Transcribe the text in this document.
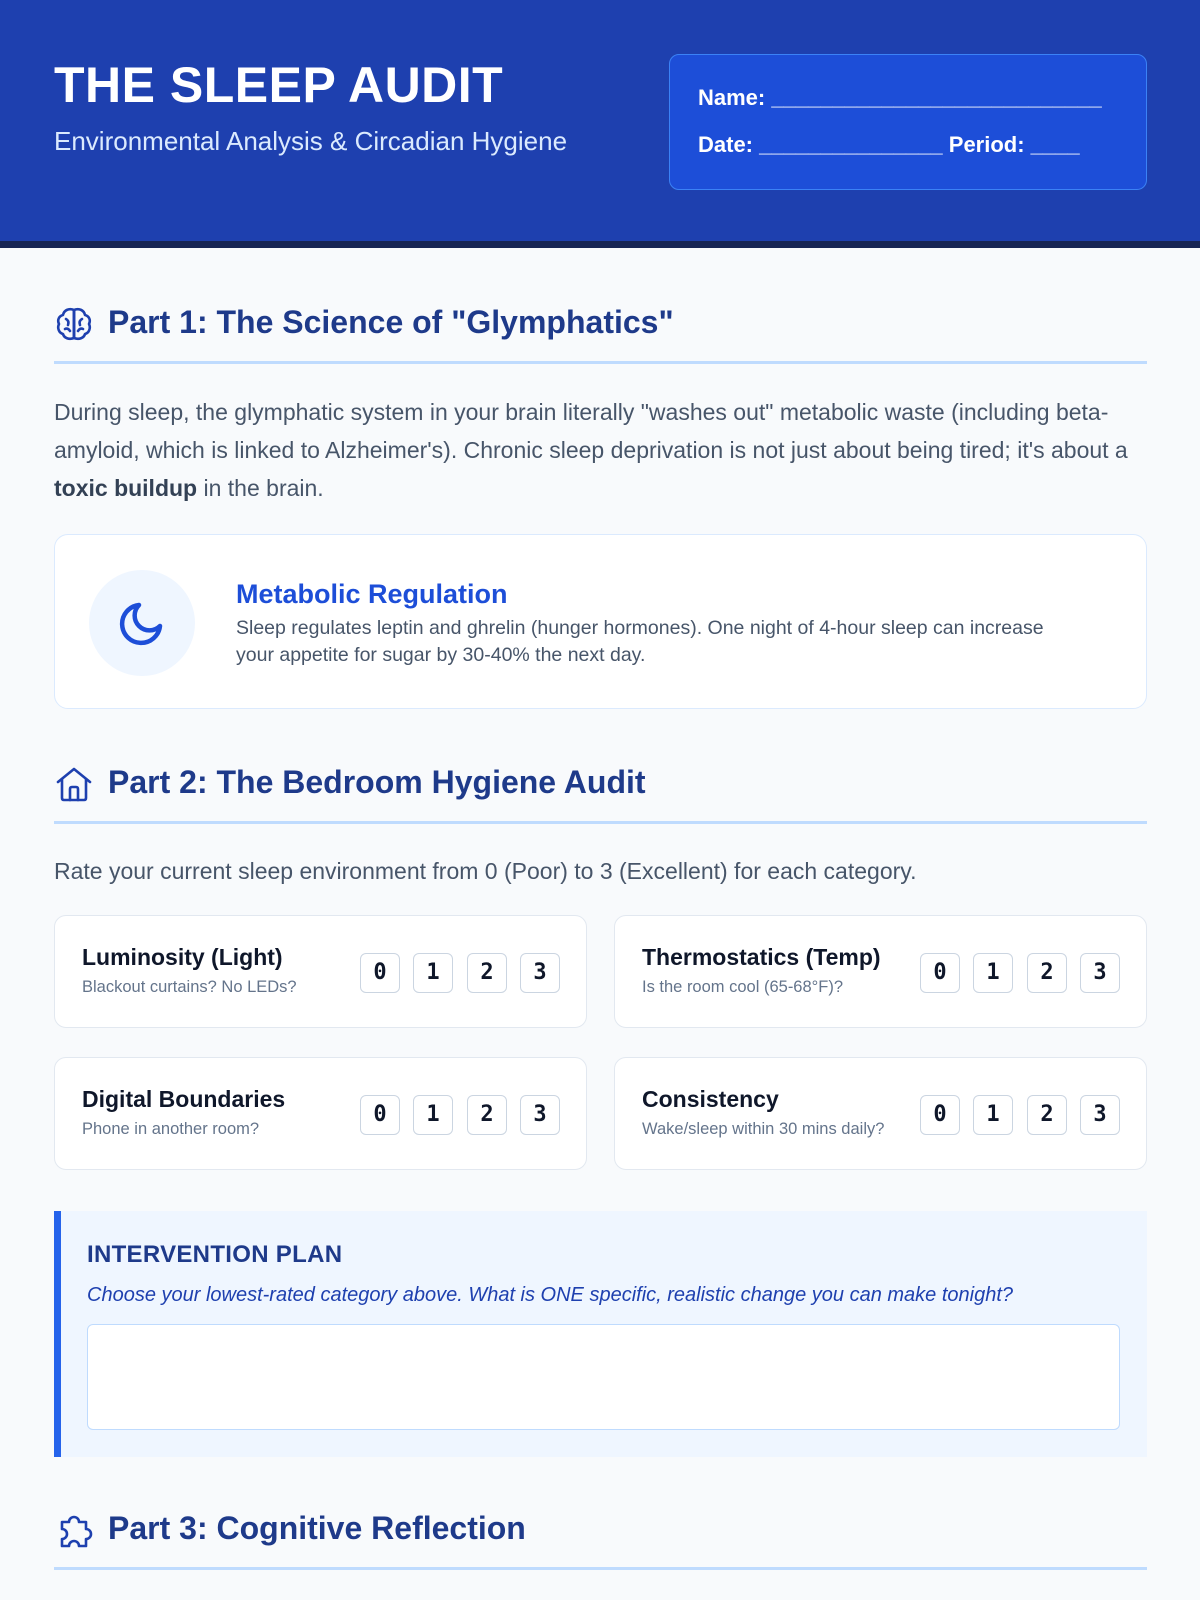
THE SLEEP AUDIT
Environmental Analysis & Circadian Hygiene
Name: ___________________________
Date: _______________ Period: ____
Part 1: The Science of "Glymphatics"

During sleep, the glymphatic system in your brain literally "washes out" metabolic waste (including beta-amyloid, which is linked to Alzheimer's). Chronic sleep deprivation is not just about being tired; it's about a toxic buildup in the brain.

Metabolic Regulation
Sleep regulates leptin and ghrelin (hunger hormones). One night of 4-hour sleep can increase your appetite for sugar by 30-40% the next day.
Part 2: The Bedroom Hygiene Audit

Rate your current sleep environment from 0 (Poor) to 3 (Excellent) for each category.

Luminosity (Light)
Blackout curtains? No LEDs?
0	1	2	3
Thermostatics (Temp)
Is the room cool (65-68°F)?
0	1	2	3
Digital Boundaries
Phone in another room?
0	1	2	3
Consistency
Wake/sleep within 30 mins daily?
0	1	2	3
INTERVENTION PLAN
Choose your lowest-rated category above. What is ONE specific, realistic change you can make tonight?
Part 3: Cognitive Reflection
